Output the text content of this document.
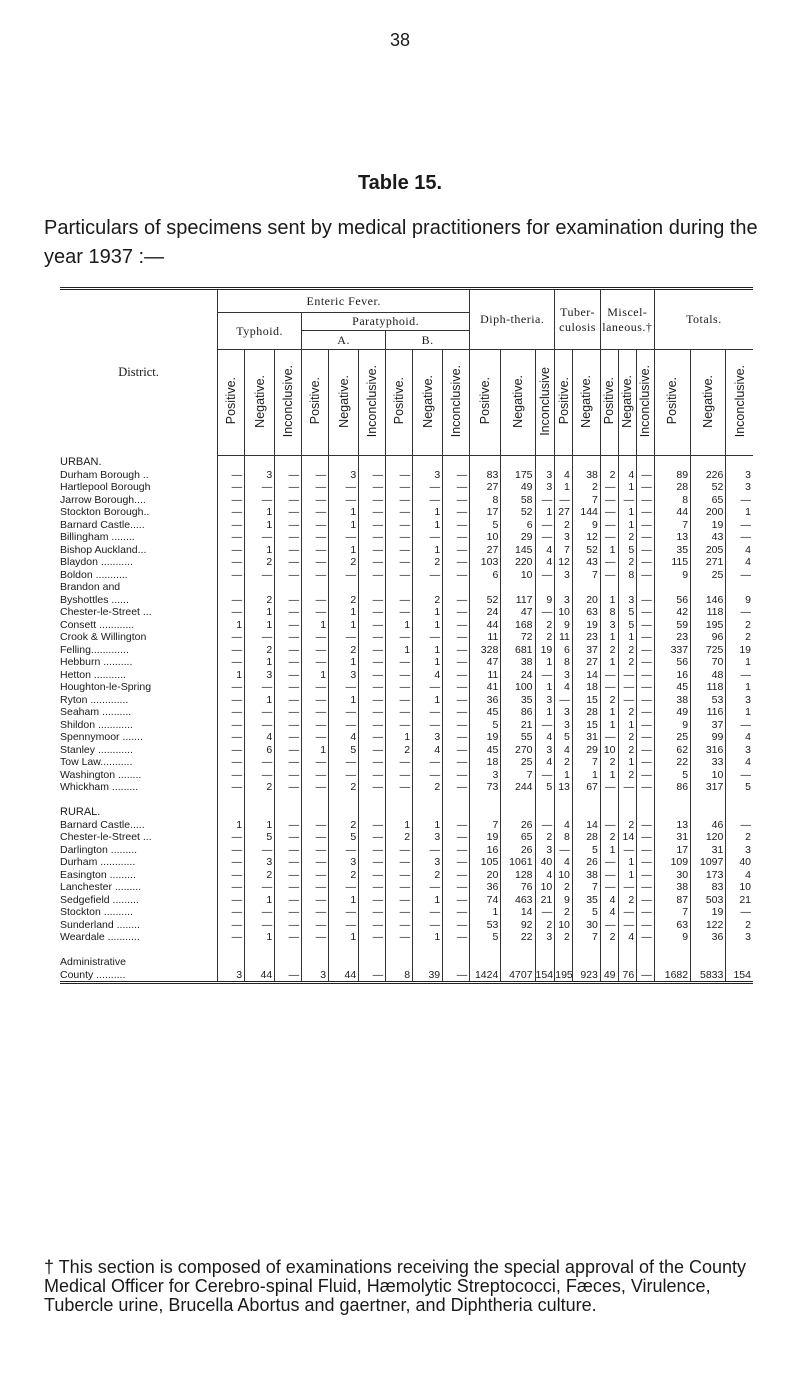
38
Table 15.
Particulars of specimens sent by medical practitioners for examination during the year 1937 :—
District.	Enteric Fever.									Diph-theria.			Tuber-culosis		Miscel-laneous.†			Totals.		
	Typhoid.			Paratyphoid.																
				A.			B.													
	Positive.	Negative.	Inconclusive.	Positive.	Negative.	Inconclusive.	Positive.	Negative.	Inconclusive.	Positive.	Negative.	Inconclusive	Positive.	Negative.	Positive.	Negative.	Inconclusive.	Positive.	Negative.	Inconclusive.
URBAN.																				
Durham Borough ..	—	3	—	—	3	—	—	3	—	83	175	3	4	38	2	4	—	89	226	3
Hartlepool Borough	—	—	—	—	—	—	—	—	—	27	49	3	1	2	—	1	—	28	52	3
Jarrow Borough....	—	—	—	—	—	—	—	—	—	8	58	—	—	7	—	—	—	8	65	—
Stockton Borough..	—	1	—	—	1	—	—	1	—	17	52	1	27	144	—	1	—	44	200	1
Barnard Castle.....	—	1	—	—	1	—	—	1	—	5	6	—	2	9	—	1	—	7	19	—
Billingham ........	—	—	—	—	—	—	—	—	—	10	29	—	3	12	—	2	—	13	43	—
Bishop Auckland...	—	1	—	—	1	—	—	1	—	27	145	4	7	52	1	5	—	35	205	4
Blaydon ...........	—	2	—	—	2	—	—	2	—	103	220	4	12	43	—	2	—	115	271	4
Boldon ...........	—	—	—	—	—	—	—	—	—	6	10	—	3	7	—	8	—	9	25	—
Brandon and																				
Byshottles ......	—	2	—	—	2	—	—	2	—	52	117	9	3	20	1	3	—	56	146	9
Chester-le-Street ...	—	1	—	—	1	—	—	1	—	24	47	—	10	63	8	5	—	42	118	—
Consett ............	1	1	—	1	1	—	1	1	—	44	168	2	9	19	3	5	—	59	195	2
Crook & Willington	—	—	—	—	—	—	—	—	—	11	72	2	11	23	1	1	—	23	96	2
Felling.............	—	2	—	—	2	—	1	1	—	328	681	19	6	37	2	2	—	337	725	19
Hebburn ..........	—	1	—	—	1	—	—	1	—	47	38	1	8	27	1	2	—	56	70	1
Hetton ...........	1	3	—	1	3	—	—	4	—	11	24	—	3	14	—	—	—	16	48	—
Houghton-le-Spring	—	—	—	—	—	—	—	—	—	41	100	1	4	18	—	—	—	45	118	1
Ryton .............	—	1	—	—	1	—	—	1	—	36	35	3	—	15	2	—	—	38	53	3
Seaham ..........	—	—	—	—	—	—	—	—	—	45	86	1	3	28	1	2	—	49	116	1
Shildon ............	—	—	—	—	—	—	—	—	—	5	21	—	3	15	1	1	—	9	37	—
Spennymoor .......	—	4	—	—	4	—	1	3	—	19	55	4	5	31	—	2	—	25	99	4
Stanley ............	—	6	—	1	5	—	2	4	—	45	270	3	4	29	10	2	—	62	316	3
Tow Law...........	—	—	—	—	—	—	—	—	—	18	25	4	2	7	2	1	—	22	33	4
Washington ........	—	—	—	—	—	—	—	—	—	3	7	—	1	1	1	2	—	5	10	—
Whickham .........	—	2	—	—	2	—	—	2	—	73	244	5	13	67	—	—	—	86	317	5

RURAL.																				
Barnard Castle.....	1	1	—	—	2	—	1	1	—	7	26	—	4	14	—	2	—	13	46	—
Chester-le-Street ...	—	5	—	—	5	—	2	3	—	19	65	2	8	28	2	14	—	31	120	2
Darlington .........	—	—	—	—	—	—	—	—	—	16	26	3	—	5	1	—	—	17	31	3
Durham ............	—	3	—	—	3	—	—	3	—	105	1061	40	4	26	—	1	—	109	1097	40
Easington .........	—	2	—	—	2	—	—	2	—	20	128	4	10	38	—	1	—	30	173	4
Lanchester .........	—	—	—	—	—	—	—	—	—	36	76	10	2	7	—	—	—	38	83	10
Sedgefield .........	—	1	—	—	1	—	—	1	—	74	463	21	9	35	4	2	—	87	503	21
Stockton ..........	—	—	—	—	—	—	—	—	—	1	14	—	2	5	4	—	—	7	19	—
Sunderland ........	—	—	—	—	—	—	—	—	—	53	92	2	10	30	—	—	—	63	122	2
Weardale ...........	—	1	—	—	1	—	—	1	—	5	22	3	2	7	2	4	—	9	36	3

Administrative																				
County ..........	3	44	—	3	44	—	8	39	—	1424	4707	154	195	923	49	76	—	1682	5833	154
† This section is composed of examinations receiving the special approval of the County Medical Officer for Cerebro-spinal Fluid, Hæmolytic Streptococci, Fæces, Virulence, Tubercle urine, Brucella Abortus and gaertner, and Diphtheria culture.
